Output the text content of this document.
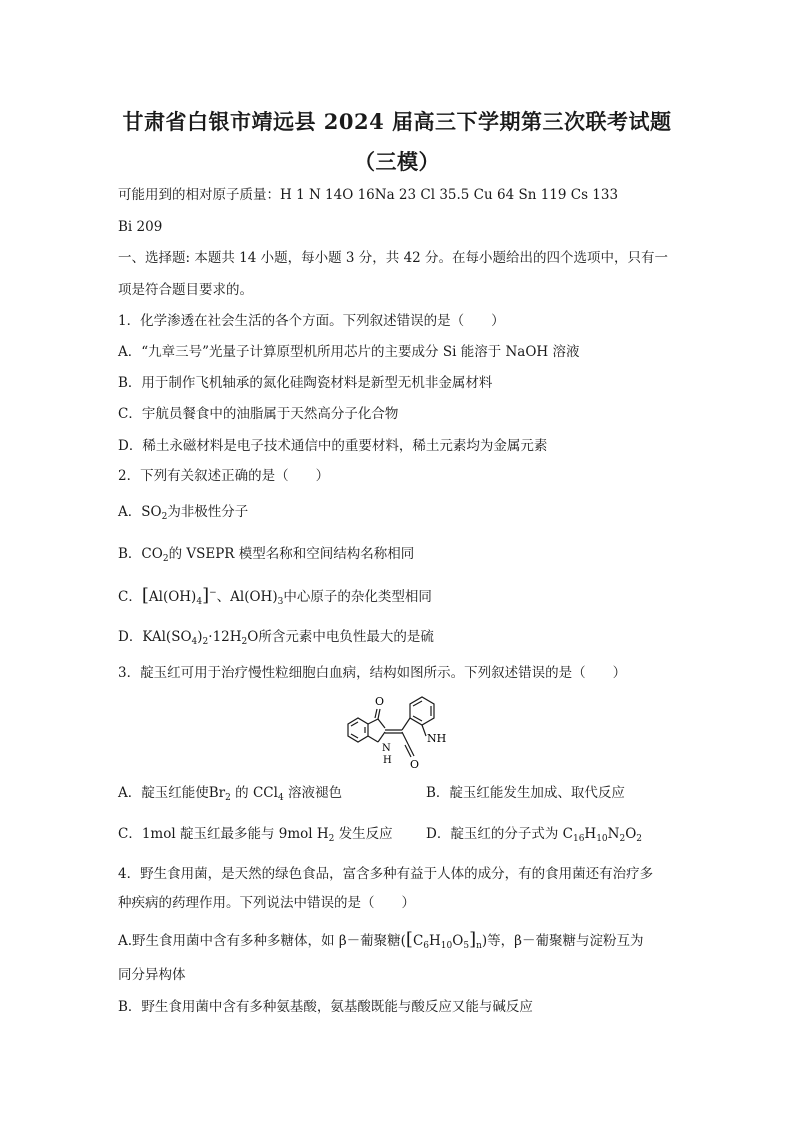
甘肃省白银市靖远县 2024 届高三下学期第三次联考试题
（三模）
可能用到的相对原子质量：H 1 N 14O 16Na 23 Cl 35.5 Cu 64 Sn 119 Cs 133
Bi 209
一、选择题: 本题共 14 小题，每小题 3 分，共 42 分。在每小题给出的四个选项中，只有一
项是符合题目要求的。
1．化学渗透在社会生活的各个方面。下列叙述错误的是（　　）
A．“九章三号”光量子计算原型机所用芯片的主要成分 Si 能溶于 NaOH 溶液
B．用于制作飞机轴承的氮化硅陶瓷材料是新型无机非金属材料
C．宇航员餐食中的油脂属于天然高分子化合物
D．稀土永磁材料是电子技术通信中的重要材料，稀土元素均为金属元素
2．下列有关叙述正确的是（　　）
A．$SO_2$为非极性分子
B．$CO_2$的 VSEPR 模型名称和空间结构名称相同
C．$[Al(OH)_4]^-$、$Al(OH)_3$中心原子的杂化类型相同
D．$KAl(SO_4)_2\cdot 12H_2O$所含元素中电负性最大的是硫
3．靛玉红可用于治疗慢性粒细胞白血病，结构如图所示。下列叙述错误的是（　　）
O
NH
N
H O
A．靛玉红能使$Br_2$ 的 CCl$_4$ 溶液褪色	B．靛玉红能发生加成、取代反应
C．1mol 靛玉红最多能与 9mol $H_2$ 发生反应 D．靛玉红的分子式为 $C_{16}H_{10}N_2O_2$
4．野生食用菌，是天然的绿色食品，富含多种有益于人体的成分，有的食用菌还有治疗多
种疾病的药理作用。下列说法中错误的是（　　）
A.野生食用菌中含有多种多糖体，如 β－葡聚糖$([C_6H_{10}O_5]_n)$等，β－葡聚糖与淀粉互为
同分异构体
B．野生食用菌中含有多种氨基酸，氨基酸既能与酸反应又能与碱反应
